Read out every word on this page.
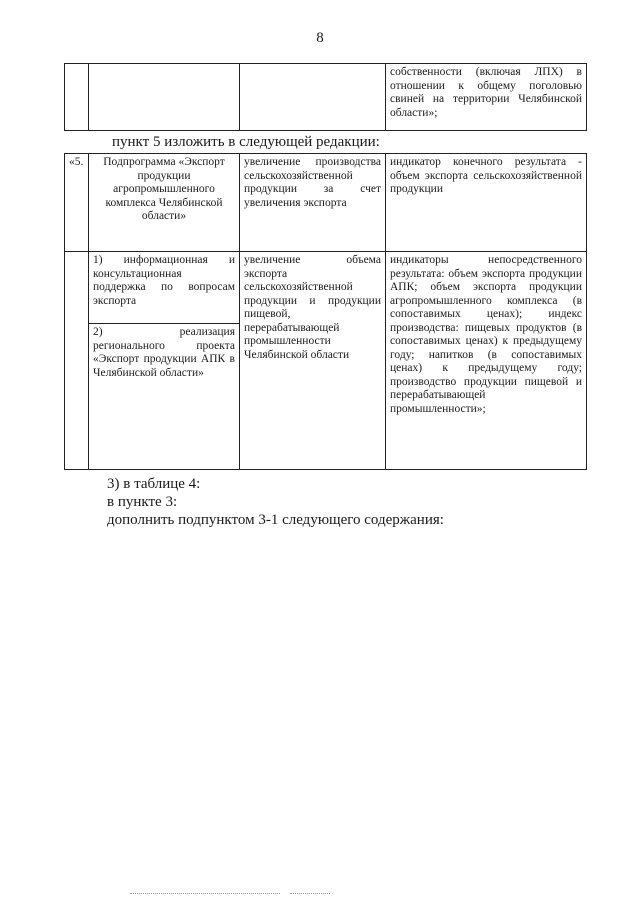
8
			собственности (включая ЛПХ) в отношении к общему поголовью свиней на территории Челябинской области»;
пункт 5 изложить в следующей редакции:
«5.	Подпрограмма «Экспорт продукции агропромышленного комплекса Челябинской области»	увеличение производства сельскохозяйственной продукции за счет увеличения экспорта	индикатор конечного результата - объем экспорта сельскохозяйственной продукции
	1) информационная и консультационная поддержка по вопросам экспорта	увеличение объема экспорта сельскохозяйственной продукции и продукции пищевой, перерабатывающей промышленности Челябинской области	индикаторы непосредственного результата: объем экспорта продукции АПК; объем экспорта продукции агропромышленного комплекса (в сопоставимых ценах); индекс производства: пищевых продуктов (в сопоставимых ценах) к предыдущему году; напитков (в сопоставимых ценах) к предыдущему году; производство продукции пищевой и перерабатывающей промышленности»;
	2) реализация регионального проекта «Экспорт продукции АПК в Челябинской области»		
3) в таблице 4:
в пункте 3:
дополнить подпунктом 3-1 следующего содержания:
